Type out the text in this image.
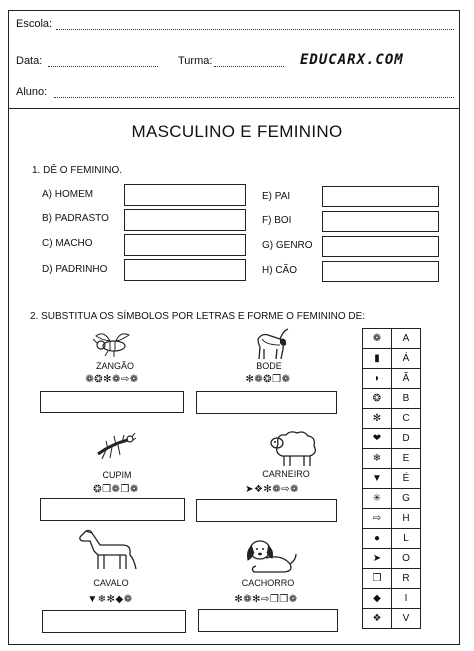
Escola:
Data:	Turma:	EDUCARX.COM
Aluno:
MASCULINO E FEMININO
1. DÊ O FEMININO.
A) HOMEM
B) PADRASTO
C) MACHO
D) PADRINHO
E) PAI
F) BOI
G) GENRO
H) CÃO
2. SUBSTITUA OS SÍMBOLOS POR LETRAS E FORME O FEMININO DE:
ZANGÃO
❁❂✻❁⇨❁
BODE
✻❁❂❒❁
CUPIM
❂❒❁❒❁
CARNEIRO
➤❖✻❁⇨❁
CAVALO
▼❄✻◆❁
CACHORRO
✻❁✻⇨❒❒❁
❁	A
▮	Á
◗	Ã
❂	B
✻	C
❤	D
❄	E
▼	É
✳	G
⇨	H
●	L
➤	O
❒	R
◆	I
❖	V
